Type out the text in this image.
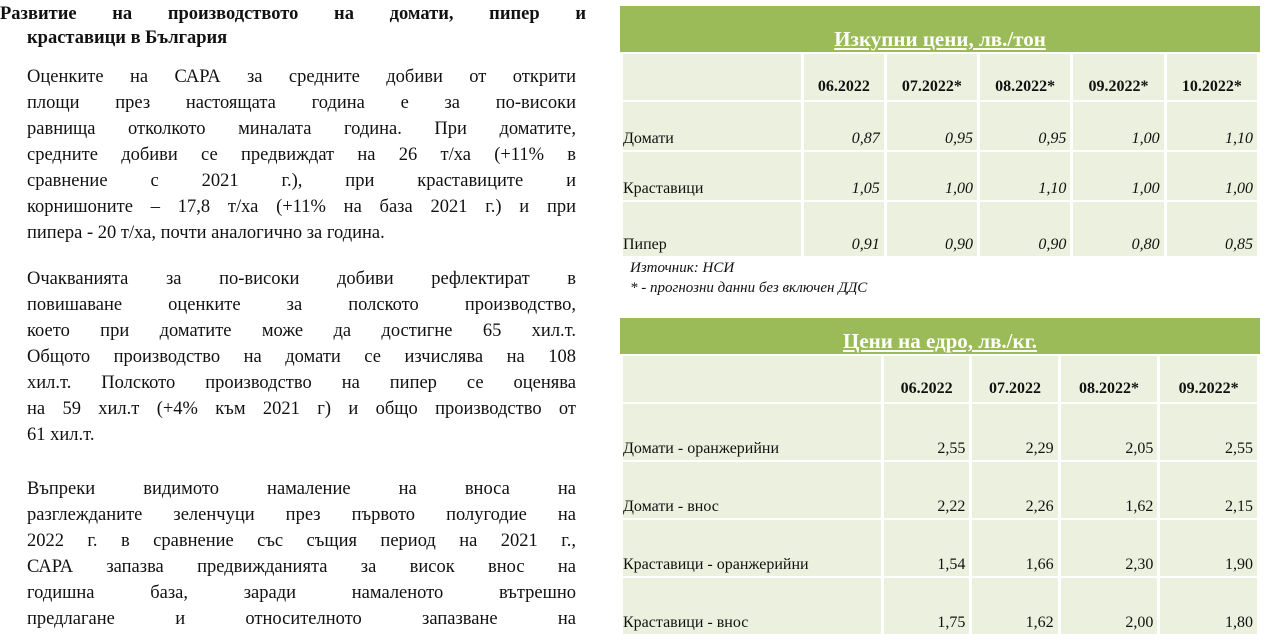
Развитие на производството на домати, пипер и
краставици в България

Оценките на САРА за средните добиви от открити
площи през настоящата година е за по-високи
равнища отколкото миналата година. При доматите,
средните добиви се предвиждат на 26 т/ха (+11% в
сравнение с 2021 г.), при краставиците и
корнишоните – 17,8 т/ха (+11% на база 2021 г.) и при
пипера - 20 т/ха, почти аналогично за година.

Очакванията за по-високи добиви рефлектират в
повишаване оценките за полското производство,
което при доматите може да достигне 65 хил.т.
Общото производство на домати се изчислява на 108
хил.т. Полското производство на пипер се оценява
на 59 хил.т (+4% към 2021 г) и общо производство от
61 хил.т.

Въпреки видимото намаление на вноса на
разглежданите зеленчуци през първото полугодие на
2022 г. в сравнение със същия период на 2021 г.,
САРА запазва предвижданията за висок внос на
годишна база, заради намаленото вътрешно
предлагане и относителното запазване на

Изкупни цени, лв./тон
	06.2022	07.2022*	08.2022*	09.2022*	10.2022*
Домати	0,87	0,95	0,95	1,00	1,10
Краставици	1,05	1,00	1,10	1,00	1,00
Пипер	0,91	0,90	0,90	0,80	0,85

Източник: НСИ

* - прогнозни данни без включен ДДС

Цени на едро, лв./кг.
	06.2022	07.2022	08.2022*	09.2022*
Домати - оранжерийни	2,55	2,29	2,05	2,55
Домати - внос	2,22	2,26	1,62	2,15
Краставици - оранжерийни	1,54	1,66	2,30	1,90
Краставици - внос	1,75	1,62	2,00	1,80
